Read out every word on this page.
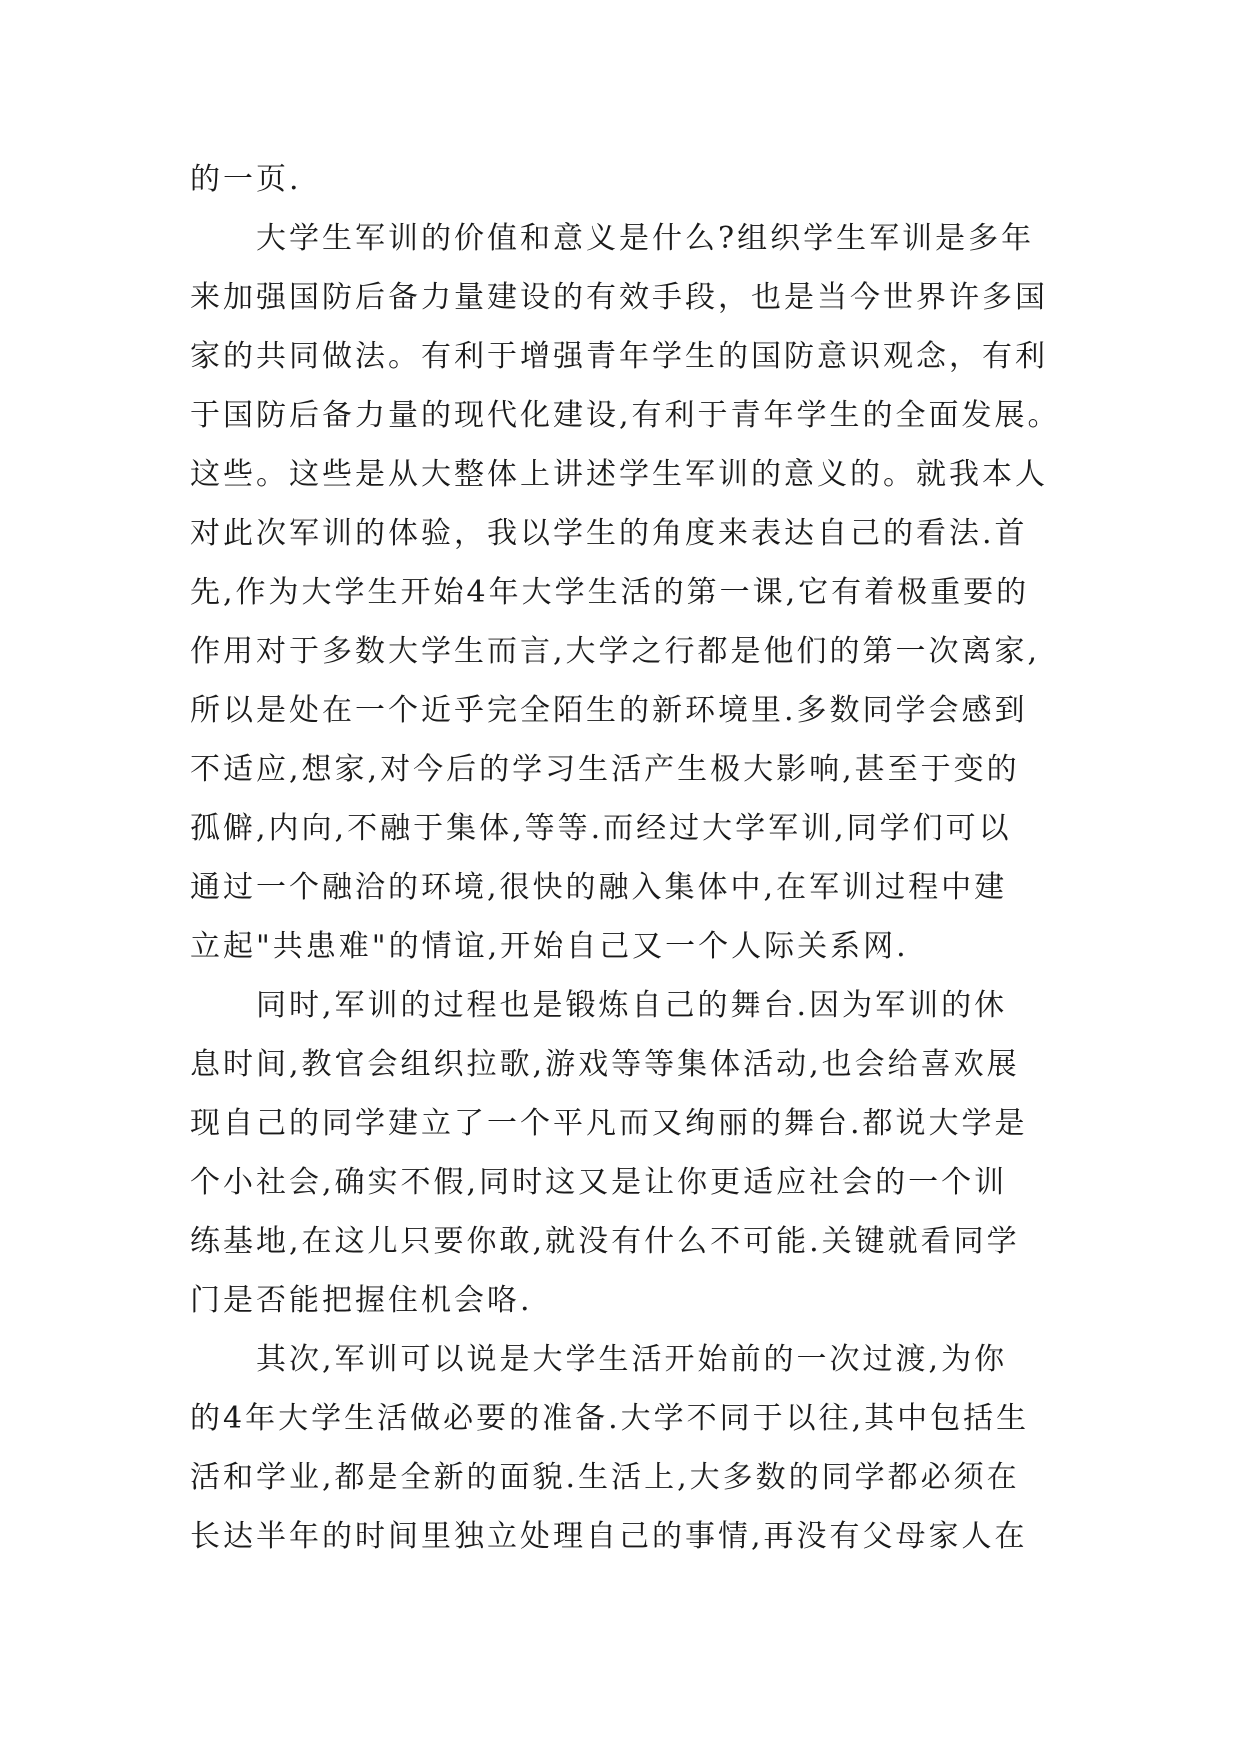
的一页.
　　大学生军训的价值和意义是什么?组织学生军训是多年
来加强国防后备力量建设的有效手段，也是当今世界许多国
家的共同做法。有利于增强青年学生的国防意识观念，有利
于国防后备力量的现代化建设,有利于青年学生的全面发展。
这些。这些是从大整体上讲述学生军训的意义的。就我本人
对此次军训的体验，我以学生的角度来表达自己的看法.首
先,作为大学生开始4年大学生活的第一课,它有着极重要的
作用对于多数大学生而言,大学之行都是他们的第一次离家,
所以是处在一个近乎完全陌生的新环境里.多数同学会感到
不适应,想家,对今后的学习生活产生极大影响,甚至于变的
孤僻,内向,不融于集体,等等.而经过大学军训,同学们可以
通过一个融洽的环境,很快的融入集体中,在军训过程中建
立起"共患难"的情谊,开始自己又一个人际关系网.
　　同时,军训的过程也是锻炼自己的舞台.因为军训的休
息时间,教官会组织拉歌,游戏等等集体活动,也会给喜欢展
现自己的同学建立了一个平凡而又绚丽的舞台.都说大学是
个小社会,确实不假,同时这又是让你更适应社会的一个训
练基地,在这儿只要你敢,就没有什么不可能.关键就看同学
门是否能把握住机会咯.
　　其次,军训可以说是大学生活开始前的一次过渡,为你
的4年大学生活做必要的准备.大学不同于以往,其中包括生
活和学业,都是全新的面貌.生活上,大多数的同学都必须在
长达半年的时间里独立处理自己的事情,再没有父母家人在
